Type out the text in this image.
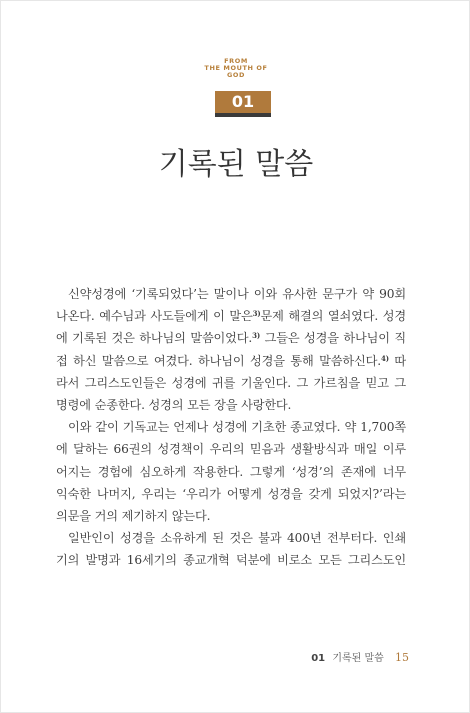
FROM
THE MOUTH OF
GOD
01
기록된 말씀

신약성경에 ‘기록되었다’는 말이나 이와 유사한 문구가 약 90회
나온다. 예수님과 사도들에게 이 말은$^{3)}$문제 해결의 열쇠였다. 성경
에 기록된 것은 하나님의 말씀이었다.$^{3)}$ 그들은 성경을 하나님이 직
접 하신 말씀으로 여겼다. 하나님이 성경을 통해 말씀하신다.$^{4)}$ 따
라서 그리스도인들은 성경에 귀를 기울인다. 그 가르침을 믿고 그
명령에 순종한다. 성경의 모든 장을 사랑한다.

이와 같이 기독교는 언제나 성경에 기초한 종교였다. 약 1,700쪽
에 달하는 66권의 성경책이 우리의 믿음과 생활방식과 매일 이루
어지는 경험에 심오하게 작용한다. 그렇게 ‘성경’의 존재에 너무
익숙한 나머지, 우리는 ‘우리가 어떻게 성경을 갖게 되었지?’라는
의문을 거의 제기하지 않는다.

일반인이 성경을 소유하게 된 것은 불과 400년 전부터다. 인쇄
기의 발명과 16세기의 종교개혁 덕분에 비로소 모든 그리스도인

01 기록된 말씀 15
